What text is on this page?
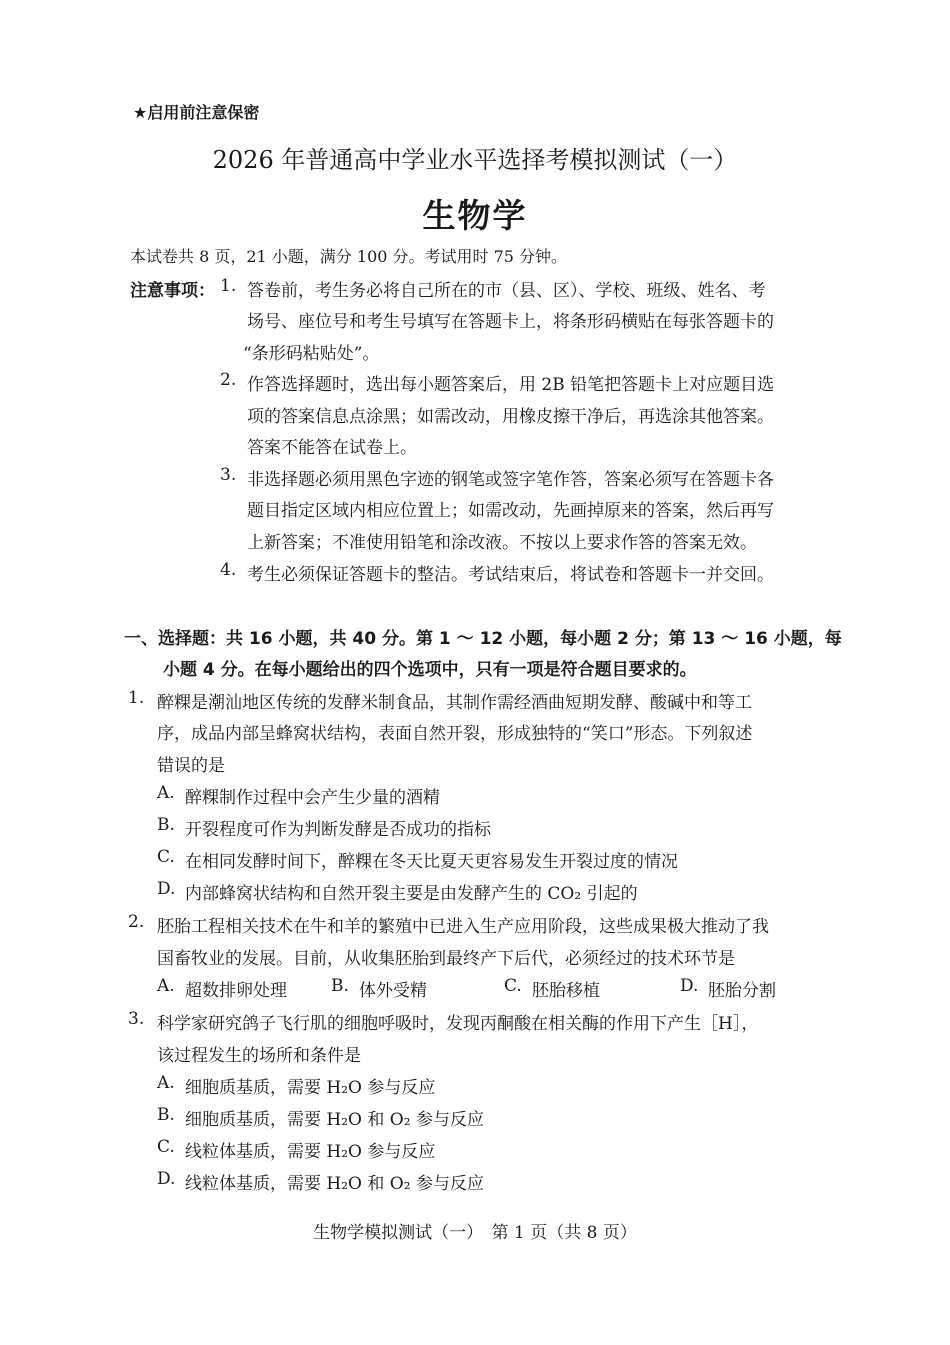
★启用前注意保密
2026 年普通高中学业水平选择考模拟测试（一）
生物学
本试卷共 8 页，21 小题，满分 100 分。考试用时 75 分钟。
注意事项： 1. 答卷前，考生务必将自己所在的市（县、区）、学校、班级、姓名、考
场号、座位号和考生号填写在答题卡上，将条形码横贴在每张答题卡的
“条形码粘贴处”。
2. 作答选择题时，选出每小题答案后，用 2B 铅笔把答题卡上对应题目选
项的答案信息点涂黑；如需改动，用橡皮擦干净后，再选涂其他答案。
答案不能答在试卷上。
3. 非选择题必须用黑色字迹的钢笔或签字笔作答，答案必须写在答题卡各
题目指定区域内相应位置上；如需改动，先画掉原来的答案，然后再写
上新答案；不准使用铅笔和涂改液。不按以上要求作答的答案无效。
4. 考生必须保证答题卡的整洁。考试结束后，将试卷和答题卡一并交回。
一、选择题：共 16 小题，共 40 分。第 1 ～ 12 小题，每小题 2 分；第 13 ～ 16 小题，每
小题 4 分。在每小题给出的四个选项中，只有一项是符合题目要求的。
1. 醉粿是潮汕地区传统的发酵米制食品，其制作需经酒曲短期发酵、酸碱中和等工
序，成品内部呈蜂窝状结构，表面自然开裂，形成独特的“笑口”形态。下列叙述
错误的是
A. 醉粿制作过程中会产生少量的酒精
B. 开裂程度可作为判断发酵是否成功的指标
C. 在相同发酵时间下，醉粿在冬天比夏天更容易发生开裂过度的情况
D. 内部蜂窝状结构和自然开裂主要是由发酵产生的 CO₂ 引起的
2. 胚胎工程相关技术在牛和羊的繁殖中已进入生产应用阶段，这些成果极大推动了我
国畜牧业的发展。目前，从收集胚胎到最终产下后代，必须经过的技术环节是
A. 超数排卵处理	B. 体外受精	C. 胚胎移植	D. 胚胎分割
3. 科学家研究鸽子飞行肌的细胞呼吸时，发现丙酮酸在相关酶的作用下产生［H］，
该过程发生的场所和条件是
A. 细胞质基质，需要 H₂O 参与反应
B. 细胞质基质，需要 H₂O 和 O₂ 参与反应
C. 线粒体基质，需要 H₂O 参与反应
D. 线粒体基质，需要 H₂O 和 O₂ 参与反应
生物学模拟测试（一）　第 1 页（共 8 页）
